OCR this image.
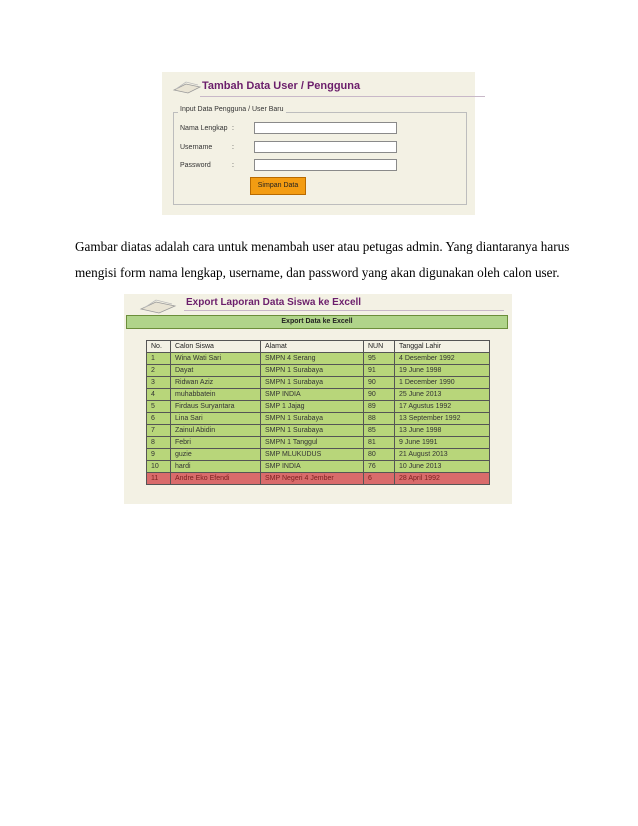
Tambah Data User / Pengguna
Input Data Pengguna / User Baru
Nama Lengkap :
Username	:
Password	:
Simpan Data
Gambar diatas adalah cara untuk menambah user atau petugas admin. Yang diantaranya harus
mengisi form nama lengkap, username, dan password yang akan digunakan oleh calon user.
Export Laporan Data Siswa ke Excell
Export Data ke Excell
No.	Calon Siswa	Alamat	NUN	Tanggal Lahir
1	Wina Wati Sari	SMPN 4 Serang	95	4 Desember 1992
2	Dayat	SMPN 1 Surabaya	91	19 June 1998
3	Ridwan Aziz	SMPN 1 Surabaya	90	1 December 1990
4	muhabbatein	SMP INDIA	90	25 June 2013
5	Firdaus Suryantara	SMP 1 Jajag	89	17 Agustus 1992
6	Lina Sari	SMPN 1 Surabaya	88	13 September 1992
7	Zainul Abidin	SMPN 1 Surabaya	85	13 June 1998
8	Febri	SMPN 1 Tanggul	81	9 June 1991
9	guzie	SMP MLUKUDUS	80	21 August 2013
10	hardi	SMP INDIA	76	10 June 2013
11	Andre Eko Efendi	SMP Negeri 4 Jember	6	28 April 1992
